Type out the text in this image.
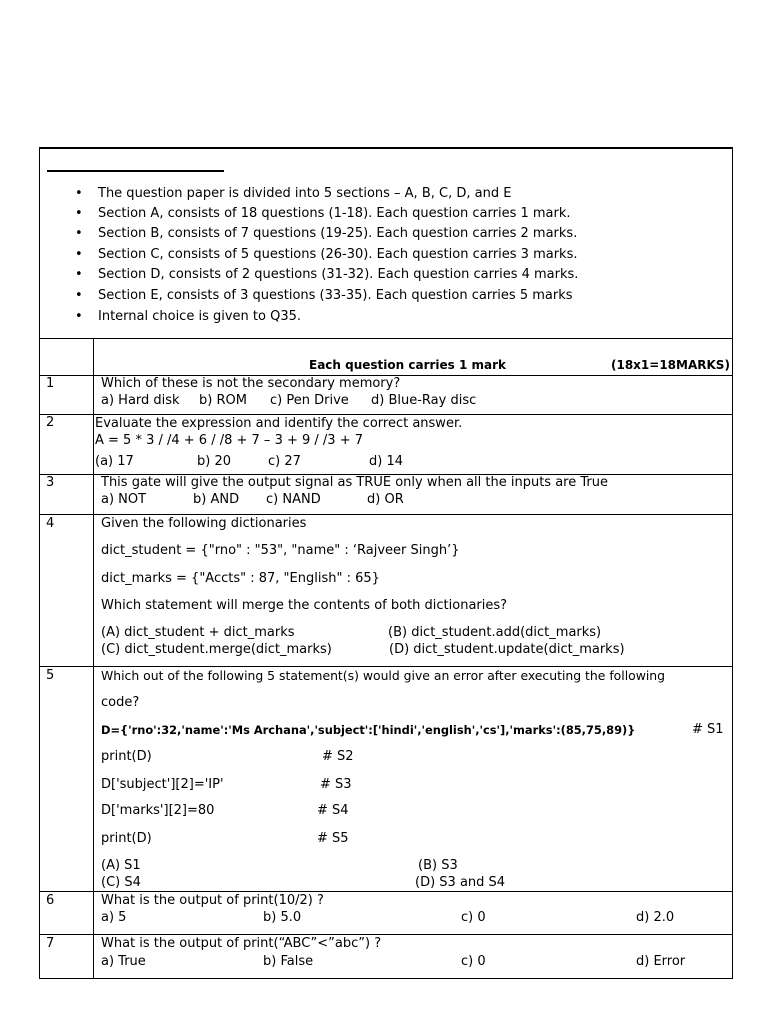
• The question paper is divided into 5 sections – A, B, C, D, and E
• Section A, consists of 18 questions (1-18). Each question carries 1 mark.
• Section B, consists of 7 questions (19-25). Each question carries 2 marks.
• Section C, consists of 5 questions (26-30). Each question carries 3 marks.
• Section D, consists of 2 questions (31-32). Each question carries 4 marks.
• Section E, consists of 3 questions (33-35). Each question carries 5 marks
• Internal choice is given to Q35.
Each question carries 1 mark	(18x1=18MARKS)
1	Which of these is not the secondary memory?
a) Hard disk b) ROM c) Pen Drive d) Blue-Ray disc
2	Evaluate the expression and identify the correct answer.
A = 5 * 3 / /4 + 6 / /8 + 7 – 3 + 9 / /3 + 7
(a) 17	b) 20	c) 27	d) 14
3	This gate will give the output signal as TRUE only when all the inputs are True
a) NOT	b) AND c) NAND	d) OR
4	Given the following dictionaries
dict_student = {"rno" : "53", "name" : ‘Rajveer Singh’}
dict_marks = {"Accts" : 87, "English" : 65}
Which statement will merge the contents of both dictionaries?
(A) dict_student + dict_marks	(B) dict_student.add(dict_marks)
(C) dict_student.merge(dict_marks)	(D) dict_student.update(dict_marks)
5	Which out of the following 5 statement(s) would give an error after executing the following
code?
D={'rno':32,'name':'Ms Archana','subject':['hindi','english','cs'],'marks':(85,75,89)}	# S1
print(D)	# S2
D['subject'][2]='IP'	# S3
D['marks'][2]=80	# S4
print(D)	# S5
(A) S1	(B) S3
(C) S4	(D) S3 and S4
6	What is the output of print(10/2) ?
a) 5	b) 5.0	c) 0	d) 2.0
7	What is the output of print(“ABC”<”abc”) ?
a) True	b) False	c) 0	d) Error
